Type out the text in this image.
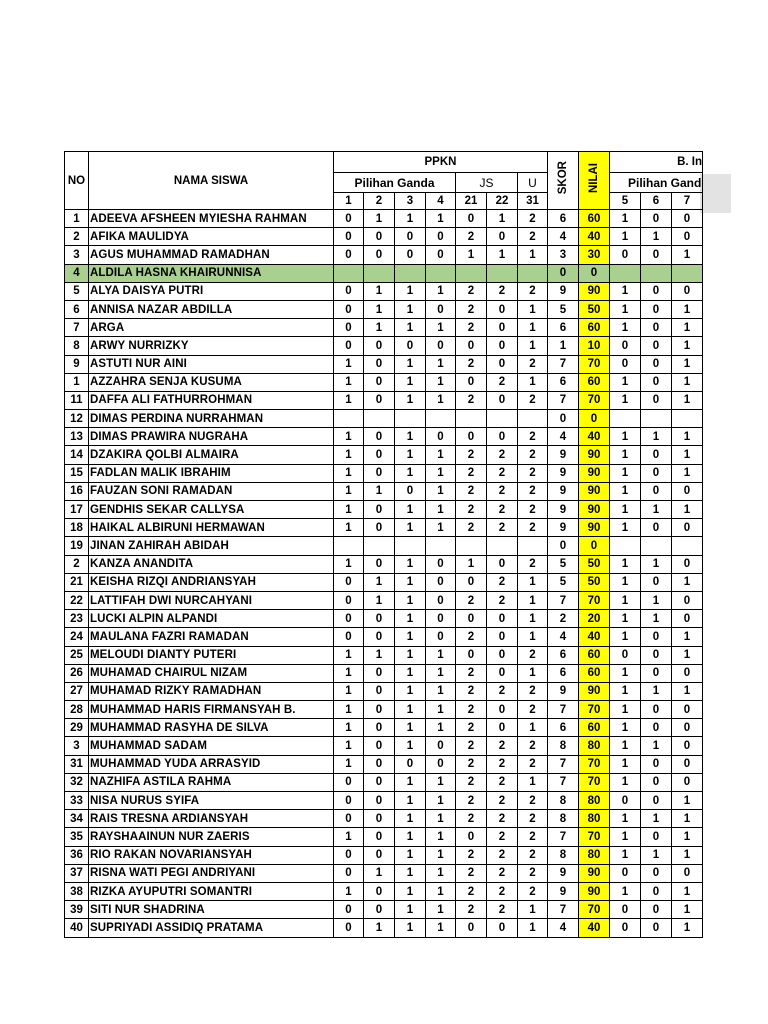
NO	NAMA SISWA	PPKN							SKOR	NILAI	B. In		
		Pilihan Ganda				JS		U			Pilihan Gand		
		1	2	3	4	21	22	31			5	6	7
1	ADEEVA AFSHEEN MYIESHA RAHMAN	0	1	1	1	0	1	2	6	60	1	0	0
2	AFIKA MAULIDYA	0	0	0	0	2	0	2	4	40	1	1	0
3	AGUS MUHAMMAD RAMADHAN	0	0	0	0	1	1	1	3	30	0	0	1
4	ALDILA HASNA KHAIRUNNISA								0	0			
5	ALYA DAISYA PUTRI	0	1	1	1	2	2	2	9	90	1	0	0
6	ANNISA NAZAR ABDILLA	0	1	1	0	2	0	1	5	50	1	0	1
7	ARGA	0	1	1	1	2	0	1	6	60	1	0	1
8	ARWY NURRIZKY	0	0	0	0	0	0	1	1	10	0	0	1
9	ASTUTI NUR AINI	1	0	1	1	2	0	2	7	70	0	0	1
1	AZZAHRA SENJA KUSUMA	1	0	1	1	0	2	1	6	60	1	0	1
11	DAFFA ALI FATHURROHMAN	1	0	1	1	2	0	2	7	70	1	0	1
12	DIMAS PERDINA NURRAHMAN								0	0			
13	DIMAS PRAWIRA NUGRAHA	1	0	1	0	0	0	2	4	40	1	1	1
14	DZAKIRA QOLBI ALMAIRA	1	0	1	1	2	2	2	9	90	1	0	1
15	FADLAN MALIK IBRAHIM	1	0	1	1	2	2	2	9	90	1	0	1
16	FAUZAN SONI RAMADAN	1	1	0	1	2	2	2	9	90	1	0	0
17	GENDHIS SEKAR CALLYSA	1	0	1	1	2	2	2	9	90	1	1	1
18	HAIKAL ALBIRUNI HERMAWAN	1	0	1	1	2	2	2	9	90	1	0	0
19	JINAN ZAHIRAH ABIDAH								0	0			
2	KANZA ANANDITA	1	0	1	0	1	0	2	5	50	1	1	0
21	KEISHA RIZQI ANDRIANSYAH	0	1	1	0	0	2	1	5	50	1	0	1
22	LATTIFAH DWI NURCAHYANI	0	1	1	0	2	2	1	7	70	1	1	0
23	LUCKI ALPIN ALPANDI	0	0	1	0	0	0	1	2	20	1	1	0
24	MAULANA FAZRI RAMADAN	0	0	1	0	2	0	1	4	40	1	0	1
25	MELOUDI DIANTY PUTERI	1	1	1	1	0	0	2	6	60	0	0	1
26	MUHAMAD CHAIRUL NIZAM	1	0	1	1	2	0	1	6	60	1	0	0
27	MUHAMAD RIZKY RAMADHAN	1	0	1	1	2	2	2	9	90	1	1	1
28	MUHAMMAD HARIS FIRMANSYAH B.	1	0	1	1	2	0	2	7	70	1	0	0
29	MUHAMMAD RASYHA DE SILVA	1	0	1	1	2	0	1	6	60	1	0	0
3	MUHAMMAD SADAM	1	0	1	0	2	2	2	8	80	1	1	0
31	MUHAMMAD YUDA ARRASYID	1	0	0	0	2	2	2	7	70	1	0	0
32	NAZHIFA ASTILA RAHMA	0	0	1	1	2	2	1	7	70	1	0	0
33	NISA NURUS SYIFA	0	0	1	1	2	2	2	8	80	0	0	1
34	RAIS TRESNA ARDIANSYAH	0	0	1	1	2	2	2	8	80	1	1	1
35	RAYSHAAINUN NUR ZAERIS	1	0	1	1	0	2	2	7	70	1	0	1
36	RIO RAKAN NOVARIANSYAH	0	0	1	1	2	2	2	8	80	1	1	1
37	RISNA WATI PEGI ANDRIYANI	0	1	1	1	2	2	2	9	90	0	0	0
38	RIZKA AYUPUTRI SOMANTRI	1	0	1	1	2	2	2	9	90	1	0	1
39	SITI NUR SHADRINA	0	0	1	1	2	2	1	7	70	0	0	1
40	SUPRIYADI ASSIDIQ PRATAMA	0	1	1	1	0	0	1	4	40	0	0	1
